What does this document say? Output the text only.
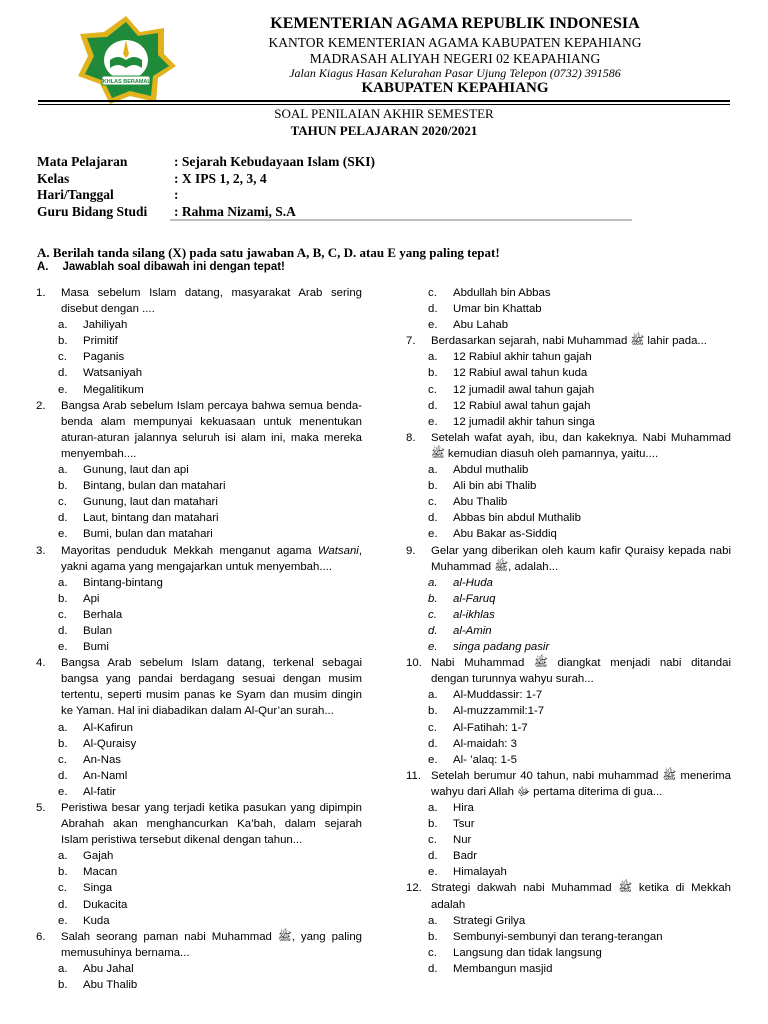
IKHLAS BERAMAL
KEMENTERIAN AGAMA REPUBLIK INDONESIA
KANTOR KEMENTERIAN AGAMA KABUPATEN KEPAHIANG
MADRASAH ALIYAH NEGERI 02 KEAPAHIANG
Jalan Kiagus Hasan Kelurahan Pasar Ujung Telepon (0732) 391586
KABUPATEN KEPAHIANG
SOAL PENILAIAN AKHIR SEMESTER
TAHUN PELAJARAN 2020/2021
Mata Pelajaran	: Sejarah Kebudayaan Islam (SKI)
Kelas	: X IPS 1, 2, 3, 4
Hari/Tanggal	:
Guru Bidang Studi : Rahma Nizami, S.A
A. Berilah tanda silang (X) pada satu jawaban A, B, C, D. atau E yang paling tepat!
A. Jawablah soal dibawah ini dengan tepat!
1. Masa sebelum Islam datang, masyarakat Arab sering disebut dengan ....
a. Jahiliyah
b. Primitif
c. Paganis
d. Watsaniyah
e. Megalitikum
2. Bangsa Arab sebelum Islam percaya bahwa semua benda-benda alam mempunyai kekuasaan untuk menentukan aturan-aturan jalannya seluruh isi alam ini, maka mereka menyembah....
a. Gunung, laut dan api
b. Bintang, bulan dan matahari
c. Gunung, laut dan matahari
d. Laut, bintang dan matahari
e. Bumi, bulan dan matahari
3. Mayoritas penduduk Mekkah menganut agama Watsani, yakni agama yang mengajarkan untuk menyembah....
a. Bintang-bintang
b. Api
c. Berhala
d. Bulan
e. Bumi
4. Bangsa Arab sebelum Islam datang, terkenal sebagai bangsa yang pandai berdagang sesuai dengan musim tertentu, seperti musim panas ke Syam dan musim dingin ke Yaman. Hal ini diabadikan dalam Al-Qur’an surah...
a. Al-Kafirun
b. Al-Quraisy
c. An-Nas
d. An-Naml
e. Al-fatir
5. Peristiwa besar yang terjadi ketika pasukan yang dipimpin Abrahah akan menghancurkan Ka’bah, dalam sejarah Islam peristiwa tersebut dikenal dengan tahun...
a. Gajah
b. Macan
c. Singa
d. Dukacita
e. Kuda
6. Salah seorang paman nabi Muhammad ﷺ, yang paling memusuhinya bernama...
a. Abu Jahal
b. Abu Thalib
c. Abdullah bin Abbas
d. Umar bin Khattab
e. Abu Lahab
7. Berdasarkan sejarah, nabi Muhammad ﷺ lahir pada...
a. 12 Rabiul akhir tahun gajah
b. 12 Rabiul awal tahun kuda
c. 12 jumadil awal tahun gajah
d. 12 Rabiul awal tahun gajah
e. 12 jumadil akhir tahun singa
8. Setelah wafat ayah, ibu, dan kakeknya. Nabi Muhammad ﷺ kemudian diasuh oleh pamannya, yaitu....
a. Abdul muthalib
b. Ali bin abi Thalib
c. Abu Thalib
d. Abbas bin abdul Muthalib
e. Abu Bakar as-Siddiq
9. Gelar yang diberikan oleh kaum kafir Quraisy kepada nabi Muhammad ﷺ, adalah...
a. al-Huda
b. al-Faruq
c. al-ikhlas
d. al-Amin
e. singa padang pasir
10. Nabi Muhammad ﷺ diangkat menjadi nabi ditandai dengan turunnya wahyu surah...
a. Al-Muddassir: 1-7
b. Al-muzzammil:1-7
c. Al-Fatihah: 1-7
d. Al-maidah: 3
e. Al- ’alaq: 1-5
11. Setelah berumur 40 tahun, nabi muhammad ﷺ menerima wahyu dari Allah ﷻ pertama diterima di gua...
a. Hira
b. Tsur
c. Nur
d. Badr
e. Himalayah
12. Strategi dakwah nabi Muhammad ﷺ ketika di Mekkah adalah
a. Strategi Grilya
b. Sembunyi-sembunyi dan terang-terangan
c. Langsung dan tidak langsung
d. Membangun masjid
